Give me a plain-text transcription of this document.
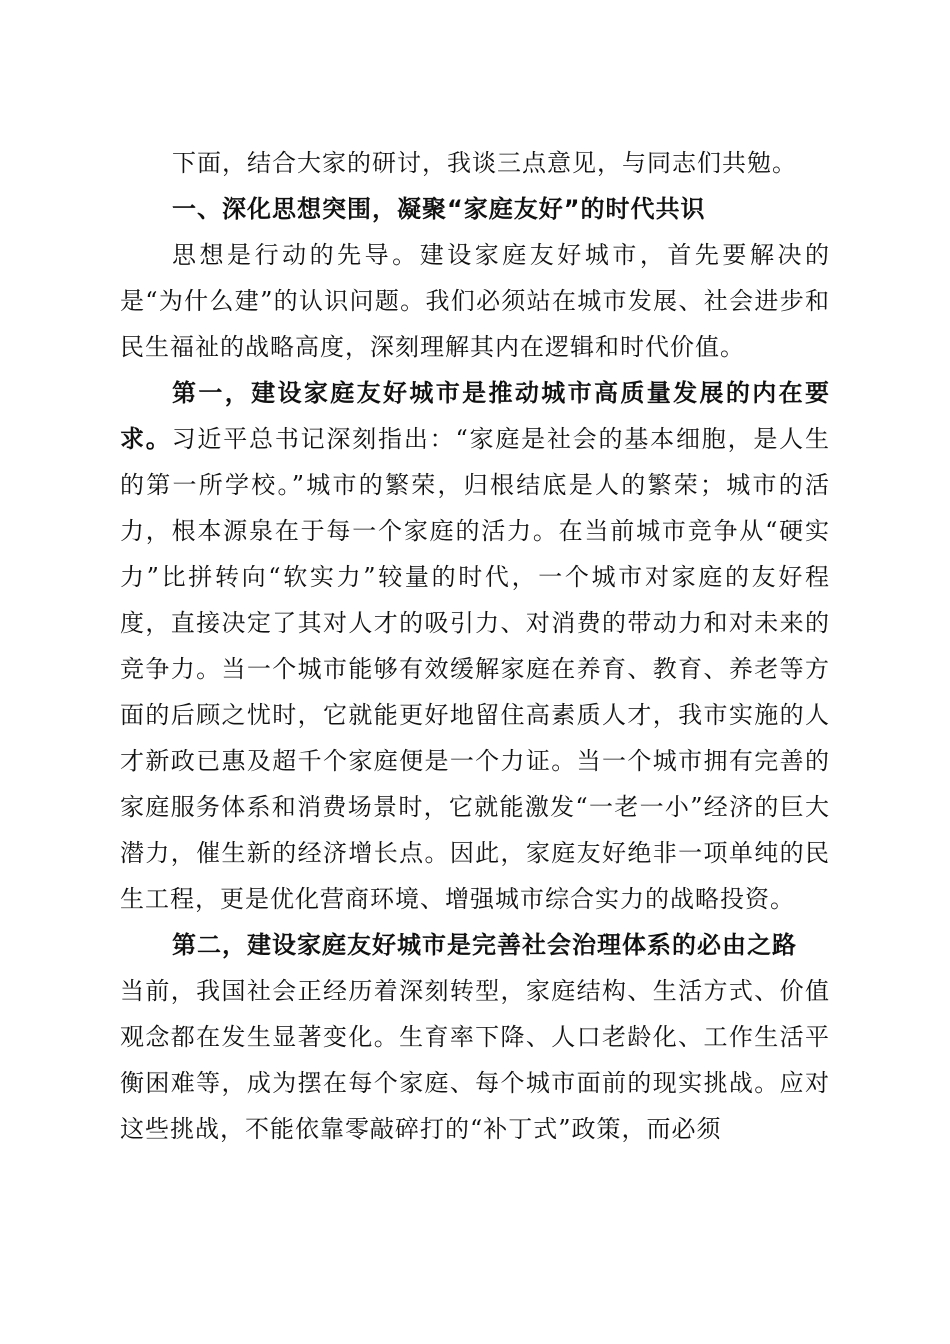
下面，结合大家的研讨，我谈三点意见，与同志们共勉。

一、深化思想突围，凝聚“家庭友好”的时代共识

思想是行动的先导。建设家庭友好城市，首先要解决的是“为什么建”的认识问题。我们必须站在城市发展、社会进步和民生福祉的战略高度，深刻理解其内在逻辑和时代价值。

第一，建设家庭友好城市是推动城市高质量发展的内在要求。习近平总书记深刻指出：“家庭是社会的基本细胞，是人生的第一所学校。”城市的繁荣，归根结底是人的繁荣；城市的活力，根本源泉在于每一个家庭的活力。在当前城市竞争从“硬实力”比拼转向“软实力”较量的时代，一个城市对家庭的友好程度，直接决定了其对人才的吸引力、对消费的带动力和对未来的竞争力。当一个城市能够有效缓解家庭在养育、教育、养老等方面的后顾之忧时，它就能更好地留住高素质人才，我市实施的人才新政已惠及超千个家庭便是一个力证。当一个城市拥有完善的家庭服务体系和消费场景时，它就能激发“一老一小”经济的巨大潜力，催生新的经济增长点。因此，家庭友好绝非一项单纯的民生工程，更是优化营商环境、增强城市综合实力的战略投资。

第二，建设家庭友好城市是完善社会治理体系的必由之路

当前，我国社会正经历着深刻转型，家庭结构、生活方式、价值观念都在发生显著变化。生育率下降、人口老龄化、工作生活平衡困难等，成为摆在每个家庭、每个城市面前的现实挑战。应对这些挑战，不能依靠零敲碎打的“补丁式”政策，而必须
